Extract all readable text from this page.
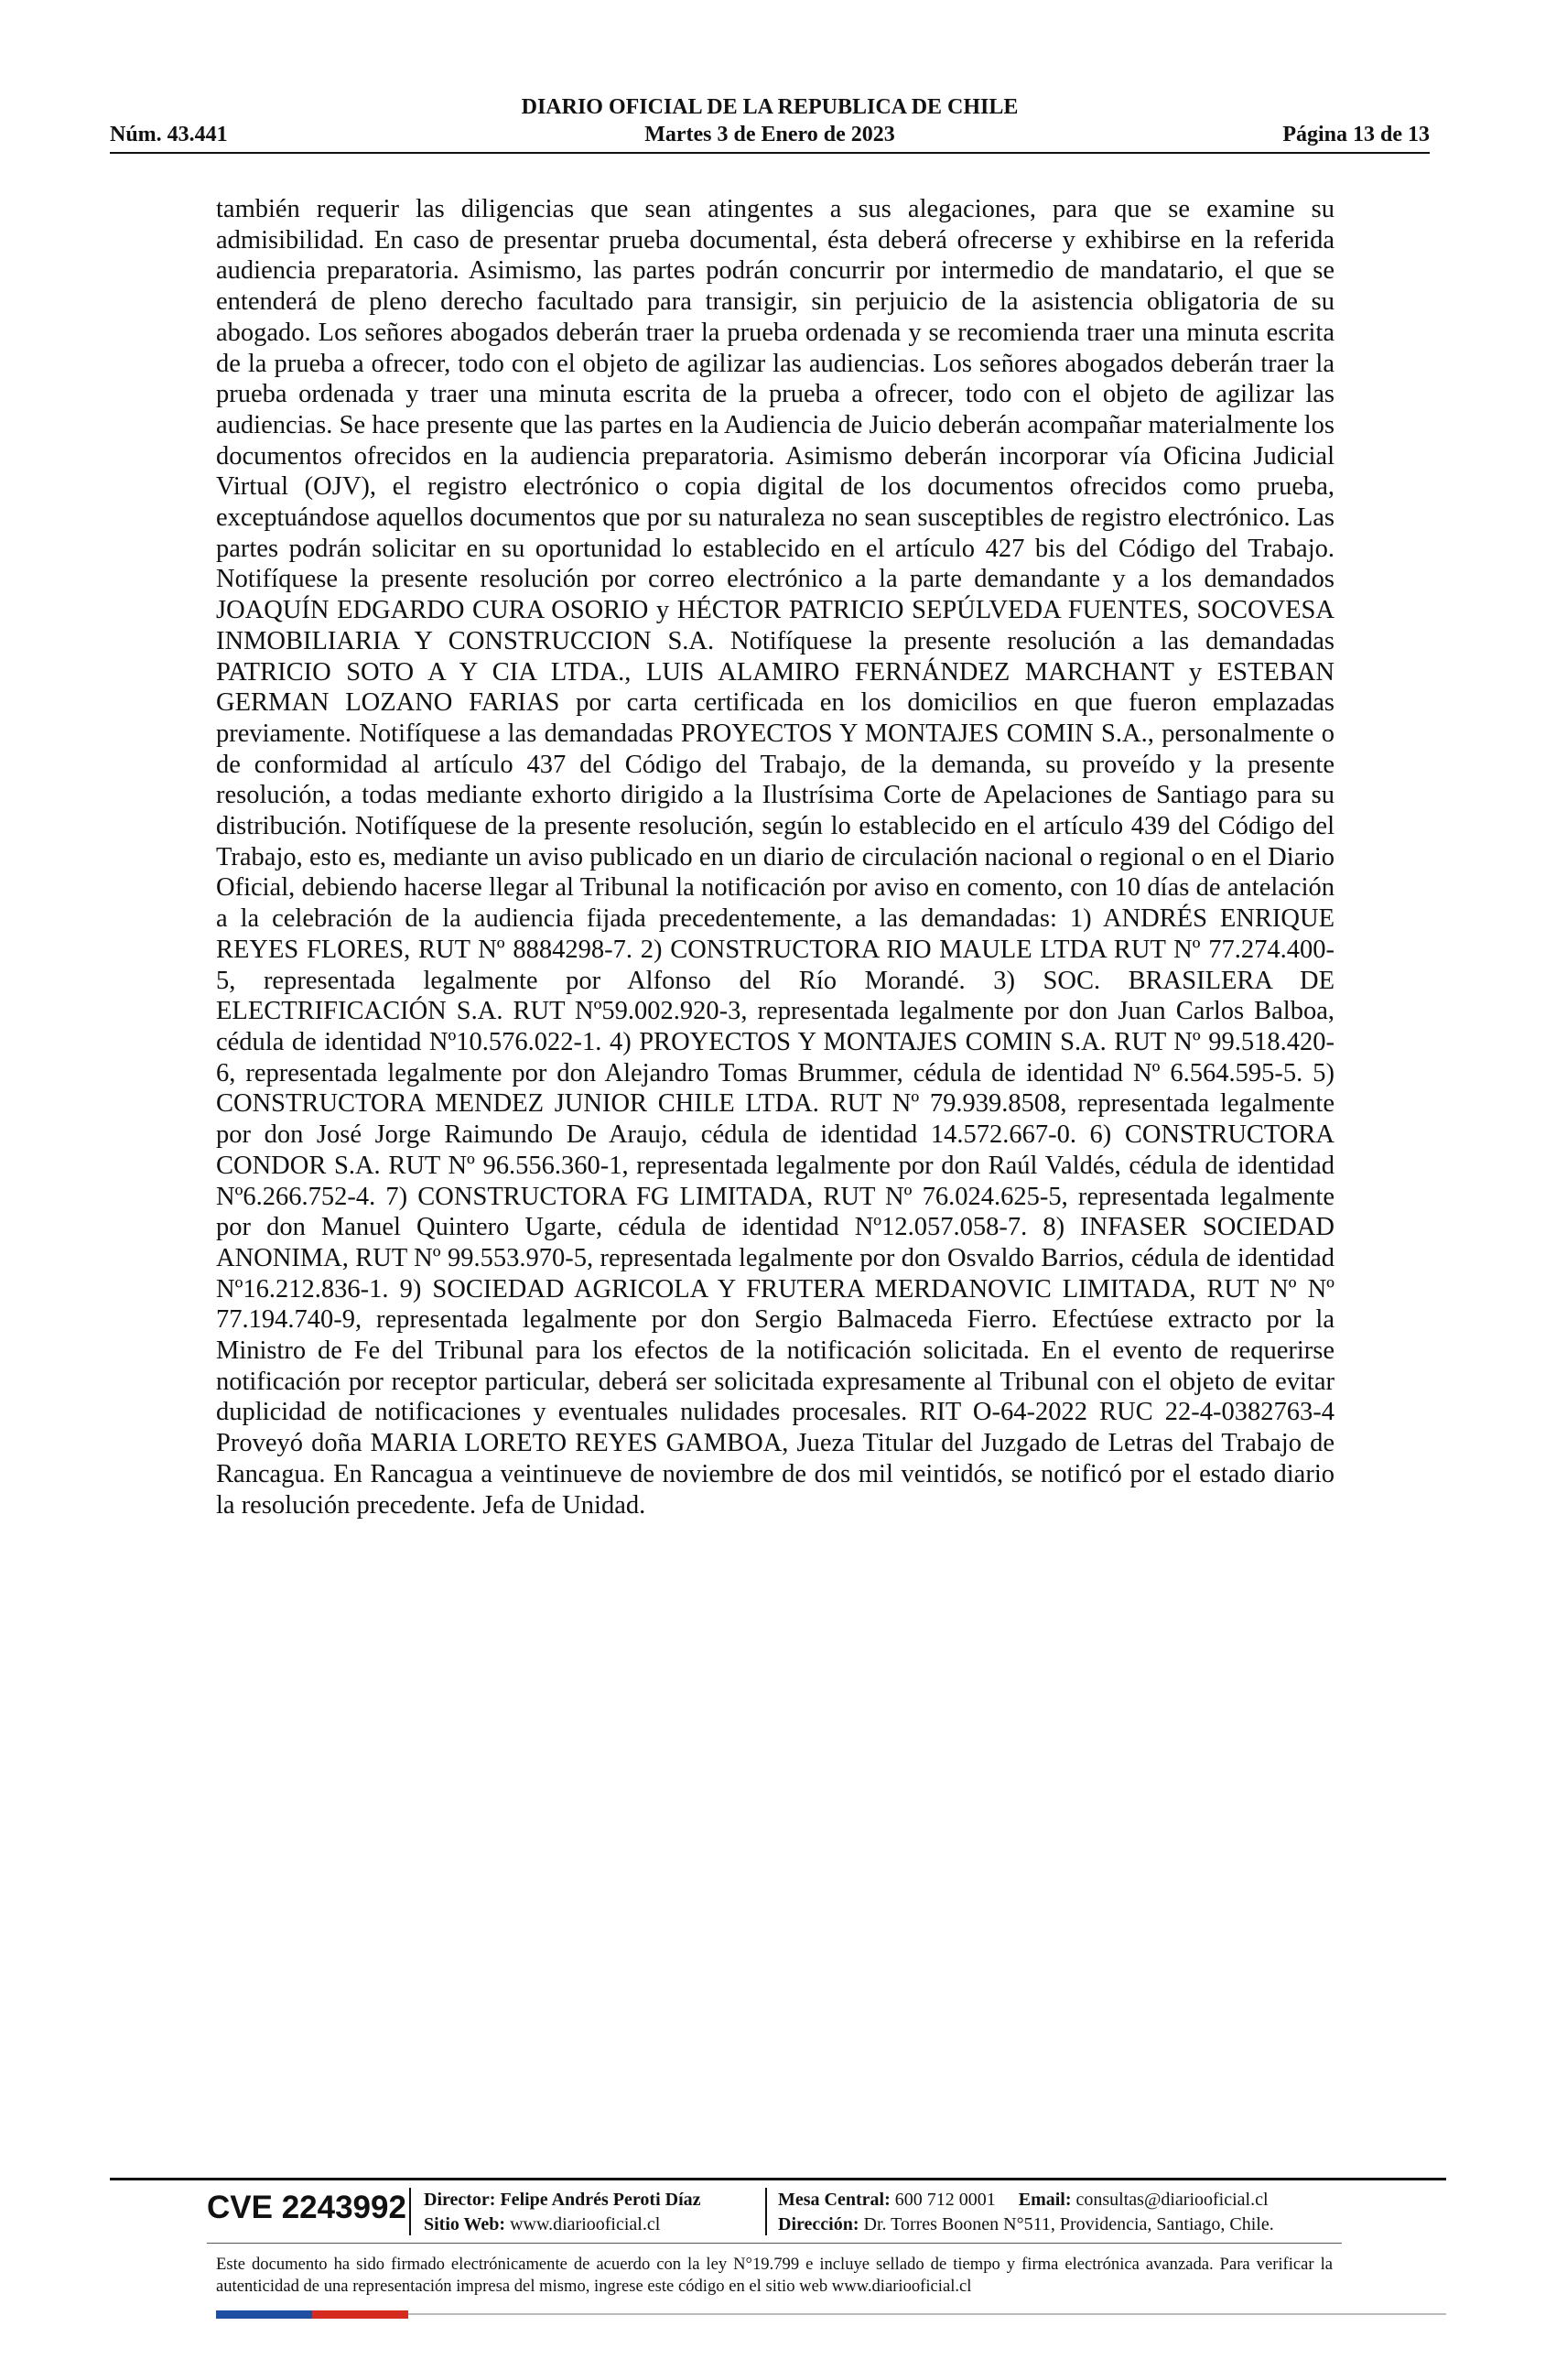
DIARIO OFICIAL DE LA REPUBLICA DE CHILE
Núm. 43.441	Martes 3 de Enero de 2023	Página 13 de 13
también requerir las diligencias que sean atingentes a sus alegaciones, para que se examine su admisibilidad. En caso de presentar prueba documental, ésta deberá ofrecerse y exhibirse en la referida audiencia preparatoria. Asimismo, las partes podrán concurrir por intermedio de mandatario, el que se entenderá de pleno derecho facultado para transigir, sin perjuicio de la asistencia obligatoria de su abogado. Los señores abogados deberán traer la prueba ordenada y se recomienda traer una minuta escrita de la prueba a ofrecer, todo con el objeto de agilizar las audiencias. Los señores abogados deberán traer la prueba ordenada y traer una minuta escrita de la prueba a ofrecer, todo con el objeto de agilizar las audiencias. Se hace presente que las partes en la Audiencia de Juicio deberán acompañar materialmente los documentos ofrecidos en la audiencia preparatoria. Asimismo deberán incorporar vía Oficina Judicial Virtual (OJV), el registro electrónico o copia digital de los documentos ofrecidos como prueba, exceptuándose aquellos documentos que por su naturaleza no sean susceptibles de registro electrónico. Las partes podrán solicitar en su oportunidad lo establecido en el artículo 427 bis del Código del Trabajo. Notifíquese la presente resolución por correo electrónico a la parte demandante y a los demandados JOAQUÍN EDGARDO CURA OSORIO y HÉCTOR PATRICIO SEPÚLVEDA FUENTES, SOCOVESA INMOBILIARIA Y CONSTRUCCION S.A. Notifíquese la presente resolución a las demandadas PATRICIO SOTO A Y CIA LTDA., LUIS ALAMIRO FERNÁNDEZ MARCHANT y ESTEBAN GERMAN LOZANO FARIAS por carta certificada en los domicilios en que fueron emplazadas previamente. Notifíquese a las demandadas PROYECTOS Y MONTAJES COMIN S.A., personalmente o de conformidad al artículo 437 del Código del Trabajo, de la demanda, su proveído y la presente resolución, a todas mediante exhorto dirigido a la Ilustrísima Corte de Apelaciones de Santiago para su distribución. Notifíquese de la presente resolución, según lo establecido en el artículo 439 del Código del Trabajo, esto es, mediante un aviso publicado en un diario de circulación nacional o regional o en el Diario Oficial, debiendo hacerse llegar al Tribunal la notificación por aviso en comento, con 10 días de antelación a la celebración de la audiencia fijada precedentemente, a las demandadas: 1) ANDRÉS ENRIQUE REYES FLORES, RUT Nº 8884298-7. 2) CONSTRUCTORA RIO MAULE LTDA RUT Nº 77.274.400-5, representada legalmente por Alfonso del Río Morandé. 3) SOC. BRASILERA DE ELECTRIFICACIÓN S.A. RUT Nº59.002.920-3, representada legalmente por don Juan Carlos Balboa, cédula de identidad Nº10.576.022-1. 4) PROYECTOS Y MONTAJES COMIN S.A. RUT Nº 99.518.420-6, representada legalmente por don Alejandro Tomas Brummer, cédula de identidad Nº 6.564.595-5. 5) CONSTRUCTORA MENDEZ JUNIOR CHILE LTDA. RUT Nº 79.939.8508, representada legalmente por don José Jorge Raimundo De Araujo, cédula de identidad 14.572.667-0. 6) CONSTRUCTORA CONDOR S.A. RUT Nº 96.556.360-1, representada legalmente por don Raúl Valdés, cédula de identidad Nº6.266.752-4. 7) CONSTRUCTORA FG LIMITADA, RUT Nº 76.024.625-5, representada legalmente por don Manuel Quintero Ugarte, cédula de identidad Nº12.057.058-7. 8) INFASER SOCIEDAD ANONIMA, RUT Nº 99.553.970-5, representada legalmente por don Osvaldo Barrios, cédula de identidad Nº16.212.836-1. 9) SOCIEDAD AGRICOLA Y FRUTERA MERDANOVIC LIMITADA, RUT Nº Nº 77.194.740-9, representada legalmente por don Sergio Balmaceda Fierro. Efectúese extracto por la Ministro de Fe del Tribunal para los efectos de la notificación solicitada. En el evento de requerirse notificación por receptor particular, deberá ser solicitada expresamente al Tribunal con el objeto de evitar duplicidad de notificaciones y eventuales nulidades procesales. RIT O-64-2022 RUC 22-4-0382763-4 Proveyó doña MARIA LORETO REYES GAMBOA, Jueza Titular del Juzgado de Letras del Trabajo de Rancagua. En Rancagua a veintinueve de noviembre de dos mil veintidós, se notificó por el estado diario la resolución precedente. Jefa de Unidad.
CVE 2243992 Director: Felipe Andrés Peroti Díaz
Sitio Web: www.diariooficial.cl
Mesa Central: 600 712 0001 Email: consultas@diariooficial.cl
Dirección: Dr. Torres Boonen N°511, Providencia, Santiago, Chile.
Este documento ha sido firmado electrónicamente de acuerdo con la ley N°19.799 e incluye sellado de tiempo y firma electrónica avanzada. Para verificar la autenticidad de una representación impresa del mismo, ingrese este código en el sitio web www.diariooficial.cl
